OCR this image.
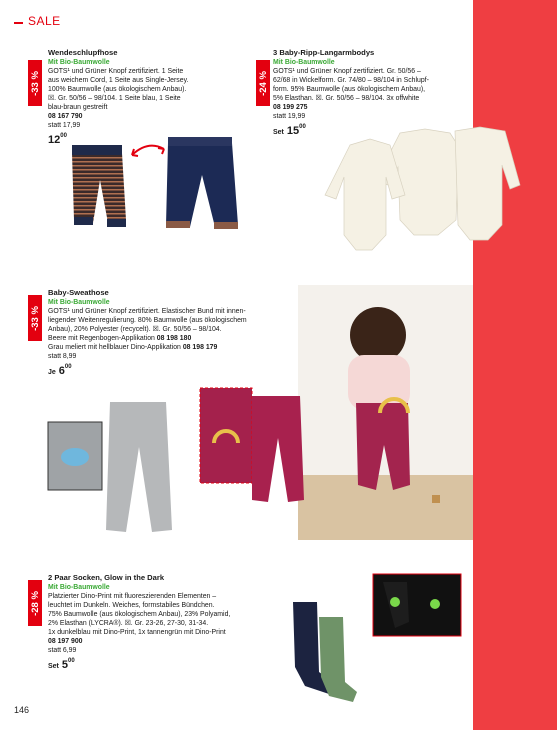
SALE
-33 %
Wendeschlupfhose
Mit Bio-Baumwolle
GOTS¹ und Grüner Knopf zertifiziert. 1 Seite
aus weichem Cord, 1 Seite aus Single-Jersey.
100% Baumwolle (aus ökologischem Anbau).
☒. Gr. 50/56 – 98/104. 1 Seite blau, 1 Seite
blau-braun gestreift
08 167 790
statt 17,99
$12^{00}$
-24 %
3 Baby-Ripp-Langarmbodys
Mit Bio-Baumwolle
GOTS¹ und Grüner Knopf zertifiziert. Gr. 50/56 –
62/68 in Wickelform. Gr. 74/80 – 98/104 in Schlupf-
form. 95% Baumwolle (aus ökologischem Anbau),
5% Elasthan. ☒. Gr. 50/56 – 98/104. 3x offwhite
08 199 275
statt 19,99
Set $15^{00}$
-33 %
Baby-Sweathose
Mit Bio-Baumwolle
GOTS¹ und Grüner Knopf zertifiziert. Elastischer Bund mit innen-
liegender Weitenregulierung. 80% Baumwolle (aus ökologischem
Anbau), 20% Polyester (recycelt). ☒. Gr. 50/56 – 98/104.
Beere mit Regenbogen-Applikation 08 198 180
Grau meliert mit hellblauer Dino-Applikation 08 198 179
statt 8,99
Je $6^{00}$
-28 %
2 Paar Socken, Glow in the Dark
Mit Bio-Baumwolle
Platzierter Dino-Print mit fluoreszierenden Elementen –
leuchtet im Dunkeln. Weiches, formstabiles Bündchen.
75% Baumwolle (aus ökologischem Anbau), 23% Polyamid,
2% Elasthan (LYCRA®). ☒. Gr. 23-26, 27-30, 31-34.
1x dunkelblau mit Dino-Print, 1x tannengrün mit Dino-Print
08 197 900
statt 6,99
Set $5^{00}$
146
